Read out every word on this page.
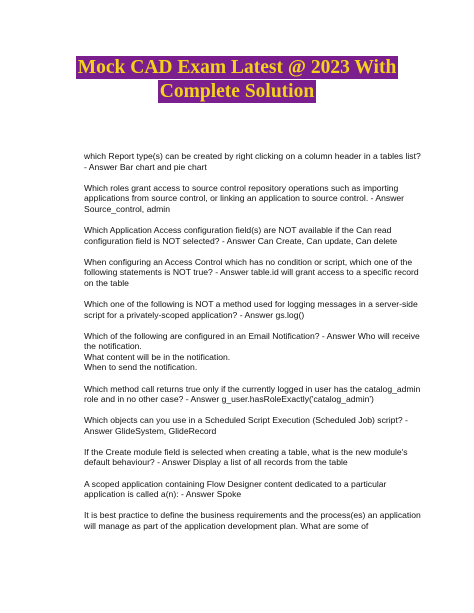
Mock CAD Exam Latest @ 2023 With
Complete Solution

which Report type(s) can be created by right clicking on a column header in a tables list? - Answer Bar chart and pie chart

Which roles grant access to source control repository operations such as importing applications from source control, or linking an application to source control. - Answer Source_control, admin

Which Application Access configuration field(s) are NOT available if the Can read configuration field is NOT selected? - Answer Can Create, Can update, Can delete

When configuring an Access Control which has no condition or script, which one of the following statements is NOT true? - Answer table.id will grant access to a specific record on the table

Which one of the following is NOT a method used for logging messages in a server-side script for a privately-scoped application? - Answer gs.log()

Which of the following are configured in an Email Notification? - Answer Who will receive the notification.
What content will be in the notification.
When to send the notification.

Which method call returns true only if the currently logged in user has the catalog_admin role and in no other case? - Answer g_user.hasRoleExactly('catalog_admin')

Which objects can you use in a Scheduled Script Execution (Scheduled Job) script? - Answer GlideSystem, GlideRecord

If the Create module field is selected when creating a table, what is the new module's default behaviour? - Answer Display a list of all records from the table

A scoped application containing Flow Designer content dedicated to a particular application is called a(n): - Answer Spoke

It is best practice to define the business requirements and the process(es) an application will manage as part of the application development plan. What are some of
